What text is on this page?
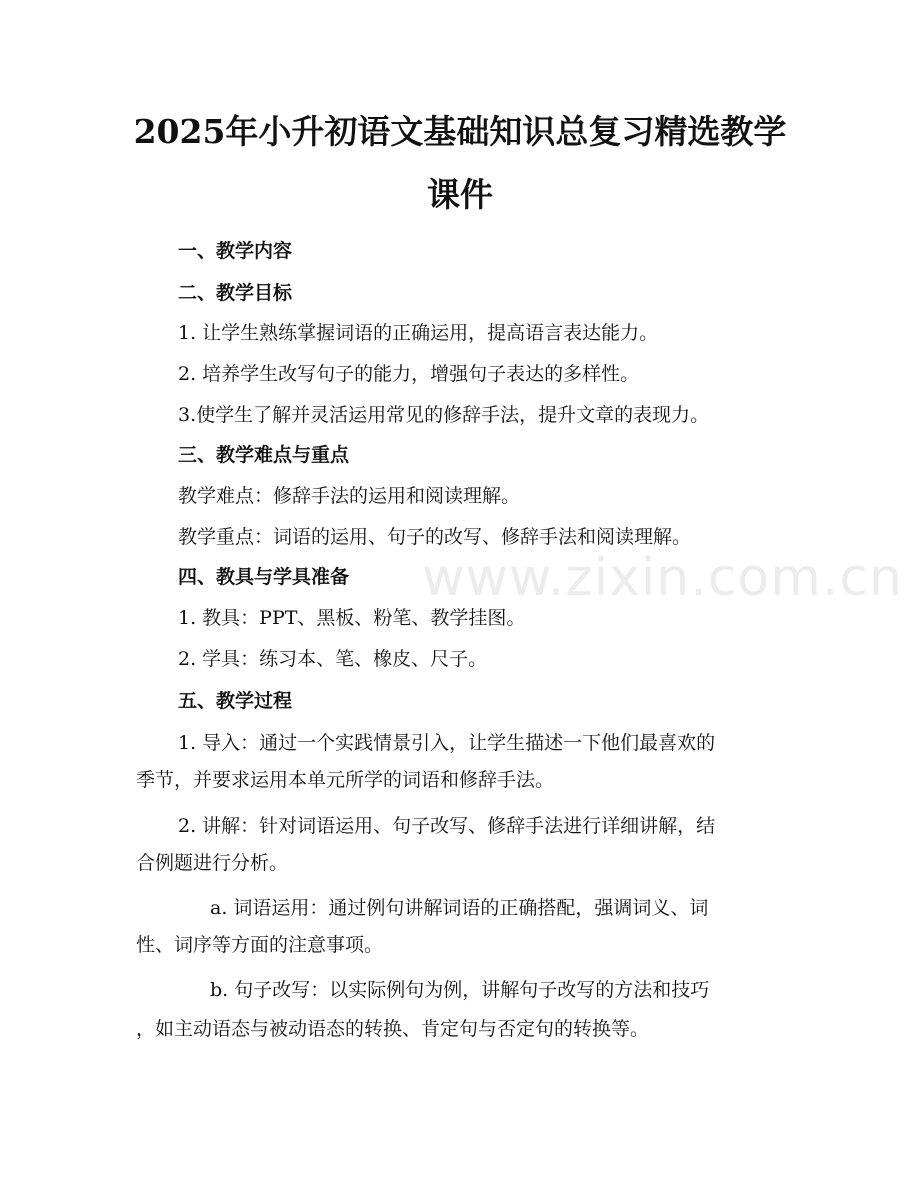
2025年小升初语文基础知识总复习精选教学
课件
www.zixin.com.cn
一、教学内容
二、教学目标
1. 让学生熟练掌握词语的正确运用，提高语言表达能力。
2. 培养学生改写句子的能力，增强句子表达的多样性。
3.使学生了解并灵活运用常见的修辞手法，提升文章的表现力。
三、教学难点与重点
教学难点：修辞手法的运用和阅读理解。
教学重点：词语的运用、句子的改写、修辞手法和阅读理解。
四、教具与学具准备
1. 教具：PPT、黑板、粉笔、教学挂图。
2. 学具：练习本、笔、橡皮、尺子。
五、教学过程
1. 导入：通过一个实践情景引入，让学生描述一下他们最喜欢的
季节，并要求运用本单元所学的词语和修辞手法。
2. 讲解：针对词语运用、句子改写、修辞手法进行详细讲解，结
合例题进行分析。
a. 词语运用：通过例句讲解词语的正确搭配，强调词义、词
性、词序等方面的注意事项。
b. 句子改写：以实际例句为例，讲解句子改写的方法和技巧
，如主动语态与被动语态的转换、肯定句与否定句的转换等。
